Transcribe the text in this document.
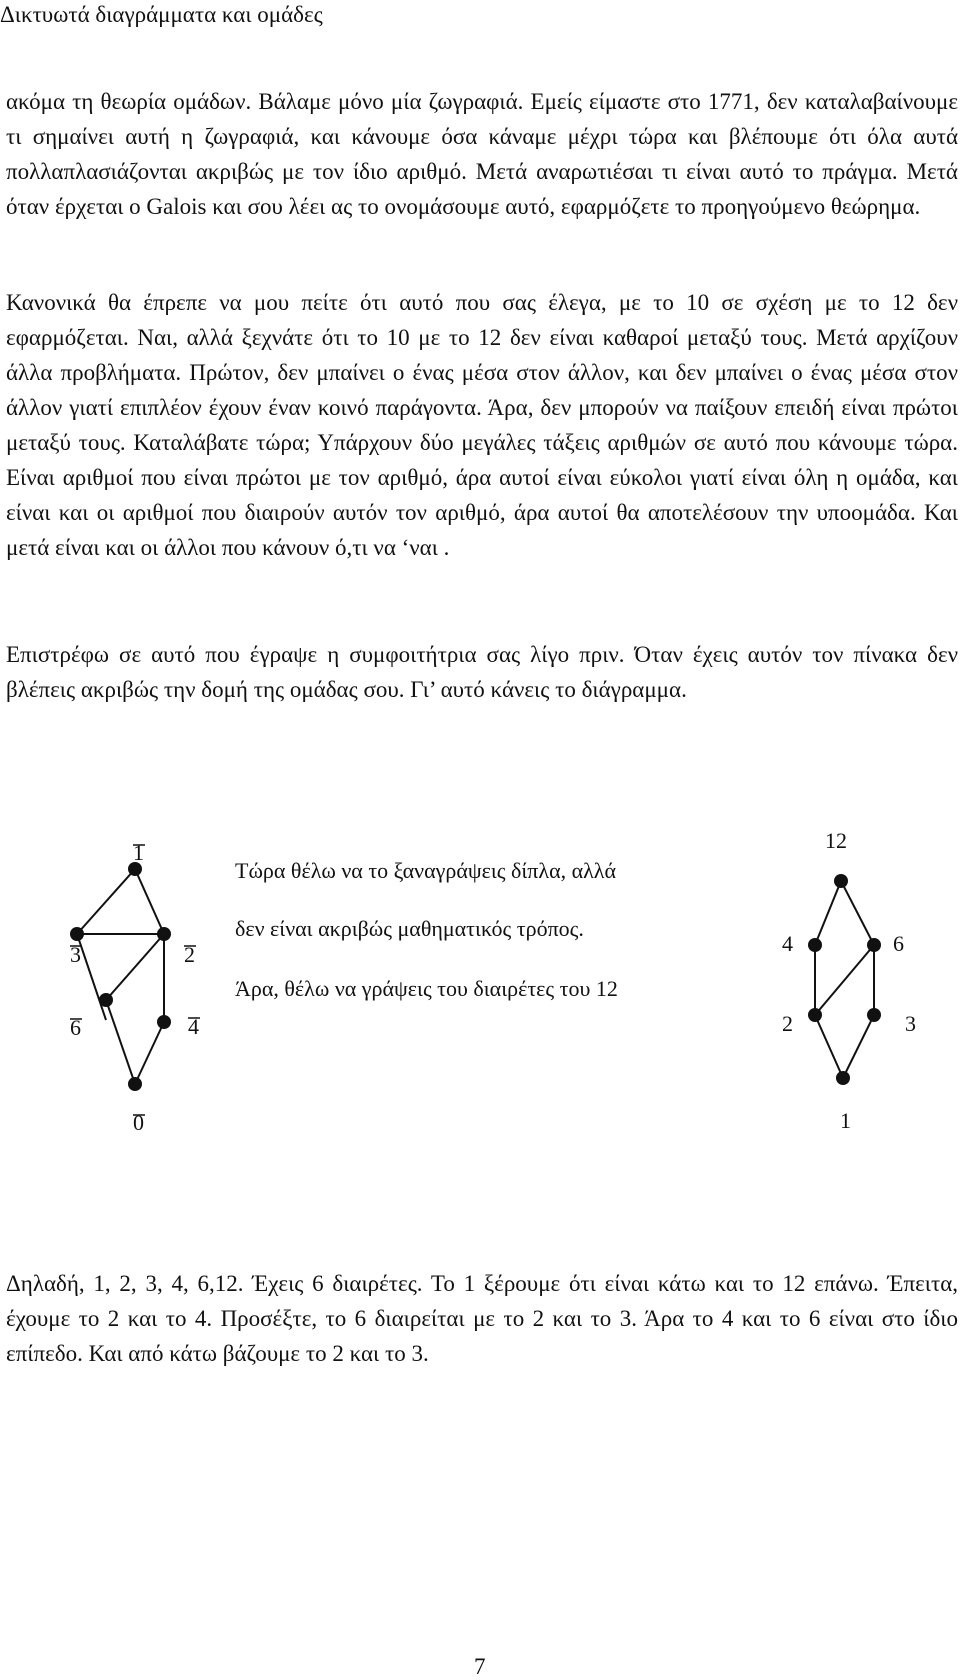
Δικτυωτά διαγράμματα και ομάδες

ακόμα τη θεωρία ομάδων. Βάλαμε μόνο μία ζωγραφιά. Εμείς είμαστε στο 1771, δεν καταλαβαίνουμε τι σημαίνει αυτή η ζωγραφιά, και κάνουμε όσα κάναμε μέχρι τώρα και βλέπουμε ότι όλα αυτά πολλαπλασιάζονται ακριβώς με τον ίδιο αριθμό. Μετά αναρωτιέσαι τι είναι αυτό το πράγμα. Μετά όταν έρχεται ο Galois και σου λέει ας το ονομάσουμε αυτό, εφαρμόζετε το προηγούμενο θεώρημα.

Κανονικά θα έπρεπε να μου πείτε ότι αυτό που σας έλεγα, με το 10 σε σχέση με το 12 δεν εφαρμόζεται. Ναι, αλλά ξεχνάτε ότι το 10 με το 12 δεν είναι καθαροί μεταξύ τους. Μετά αρχίζουν άλλα προβλήματα. Πρώτον, δεν μπαίνει ο ένας μέσα στον άλλον, και δεν μπαίνει ο ένας μέσα στον άλλον γιατί επιπλέον έχουν έναν κοινό παράγοντα. Άρα, δεν μπορούν να παίξουν επειδή είναι πρώτοι μεταξύ τους. Καταλάβατε τώρα; Υπάρχουν δύο μεγάλες τάξεις αριθμών σε αυτό που κάνουμε τώρα. Είναι αριθμοί που είναι πρώτοι με τον αριθμό, άρα αυτοί είναι εύκολοι γιατί είναι όλη η ομάδα, και είναι και οι αριθμοί που διαιρούν αυτόν τον αριθμό, άρα αυτοί θα αποτελέσουν την υποομάδα. Και μετά είναι και οι άλλοι που κάνουν ό,τι να ‘ναι .

Επιστρέφω σε αυτό που έγραψε η συμφοιτήτρια σας λίγο πριν. Όταν έχεις αυτόν τον πίνακα δεν βλέπεις ακριβώς την δομή της ομάδας σου. Γι’ αυτό κάνεις το διάγραμμα.

1
3	2
6	4
0

Τώρα θέλω να το ξαναγράψεις δίπλα, αλλά

δεν είναι ακριβώς μαθηματικός τρόπος.

Άρα, θέλω να γράψεις του διαιρέτες του 12

12
4	6
2	3
1

Δηλαδή, 1, 2, 3, 4, 6,12. Έχεις 6 διαιρέτες. Το 1 ξέρουμε ότι είναι κάτω και το 12 επάνω. Έπειτα, έχουμε το 2 και το 4. Προσέξτε, το 6 διαιρείται με το 2 και το 3. Άρα το 4 και το 6 είναι στο ίδιο επίπεδο. Και από κάτω βάζουμε το 2 και το 3.

7
